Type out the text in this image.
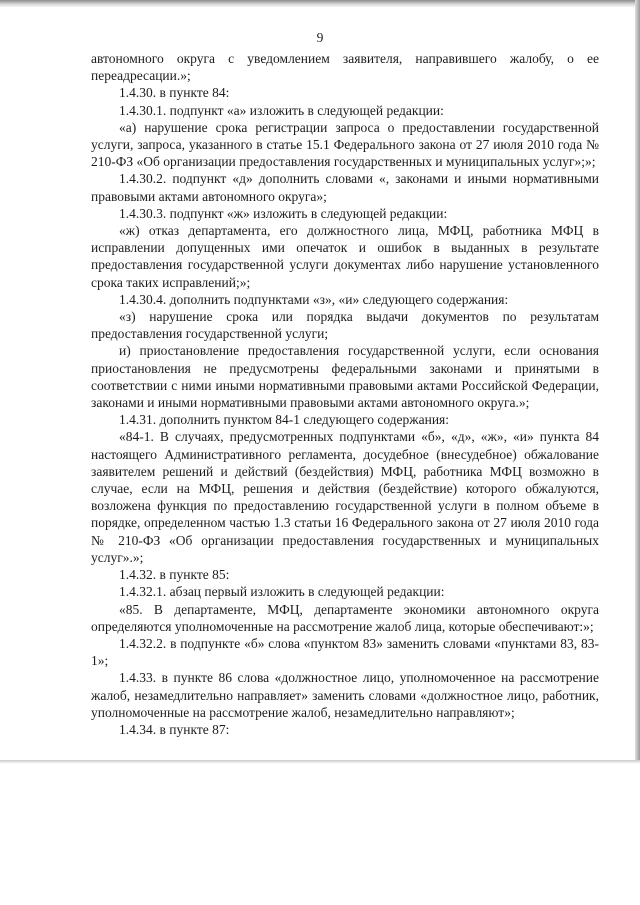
9

автономного округа с уведомлением заявителя, направившего жалобу, о ее переадресации.»;

1.4.30. в пункте 84:

1.4.30.1. подпункт «а» изложить в следующей редакции:

«а) нарушение срока регистрации запроса о предоставлении государственной услуги, запроса, указанного в статье 15.1 Федерального закона от 27 июля 2010 года № 210-ФЗ «Об организации предоставления государственных и муниципальных услуг»;»;

1.4.30.2. подпункт «д» дополнить словами «, законами и иными нормативными правовыми актами автономного округа»;

1.4.30.3. подпункт «ж» изложить в следующей редакции:

«ж) отказ департамента, его должностного лица, МФЦ, работника МФЦ в исправлении допущенных ими опечаток и ошибок в выданных в результате предоставления государственной услуги документах либо нарушение установленного срока таких исправлений;»;

1.4.30.4. дополнить подпунктами «з», «и» следующего содержания:

«з) нарушение срока или порядка выдачи документов по результатам предоставления государственной услуги;

и) приостановление предоставления государственной услуги, если основания приостановления не предусмотрены федеральными законами и принятыми в соответствии с ними иными нормативными правовыми актами Российской Федерации, законами и иными нормативными правовыми актами автономного округа.»;

1.4.31. дополнить пунктом 84-1 следующего содержания:

«84-1. В случаях, предусмотренных подпунктами «б», «д», «ж», «и» пункта 84 настоящего Административного регламента, досудебное (внесудебное) обжалование заявителем решений и действий (бездействия) МФЦ, работника МФЦ возможно в случае, если на МФЦ, решения и действия (бездействие) которого обжалуются, возложена функция по предоставлению государственной услуги в полном объеме в порядке, определенном частью 1.3 статьи 16 Федерального закона от 27 июля 2010 года № 210-ФЗ «Об организации предоставления государственных и муниципальных услуг».»;

1.4.32. в пункте 85:

1.4.32.1. абзац первый изложить в следующей редакции:

«85. В департаменте, МФЦ, департаменте экономики автономного округа определяются уполномоченные на рассмотрение жалоб лица, которые обеспечивают:»;

1.4.32.2. в подпункте «б» слова «пунктом 83» заменить словами «пунктами 83, 83-1»;

1.4.33. в пункте 86 слова «должностное лицо, уполномоченное на рассмотрение жалоб, незамедлительно направляет» заменить словами «должностное лицо, работник, уполномоченные на рассмотрение жалоб, незамедлительно направляют»;

1.4.34. в пункте 87:
